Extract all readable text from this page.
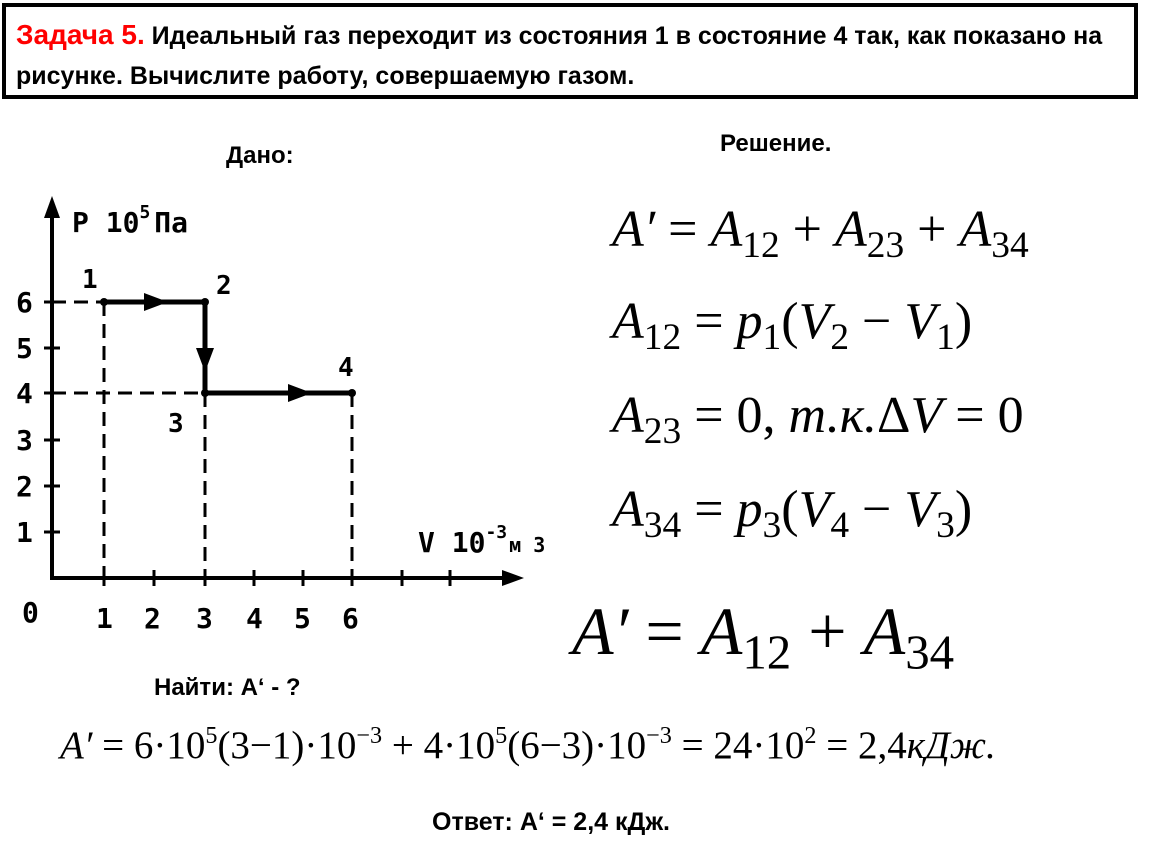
Задача 5. Идеальный газ переходит из состояния 1 в состояние 4 так, как показано на рисунке. Вычислите работу, совершаемую газом.
Дано:	Решение.
1
2
3
4
5
6
0 1 2 3 4 5 6
1	2
3
4
P $10^5$ Па
V $10^{-3}_{м 3}$
Найти: A‘ - ?
$A' = A_{12} + A_{23} + A_{34}$
$A_{12} = p_1(V_2 - V_1)$
$A_{23} = 0$, т.к.ΔV = 0
$A_{34} = p_3(V_4 - V_3)$
$A' = A_{12} + A_{34}$
$A' = 6\cdot 10^5(3-1)\cdot 10^{-3} + 4\cdot 10^5(6-3)\cdot 10^{-3} = 24\cdot 10^2 = 2,4кДж$.
Ответ: A‘ = 2,4 кДж.
